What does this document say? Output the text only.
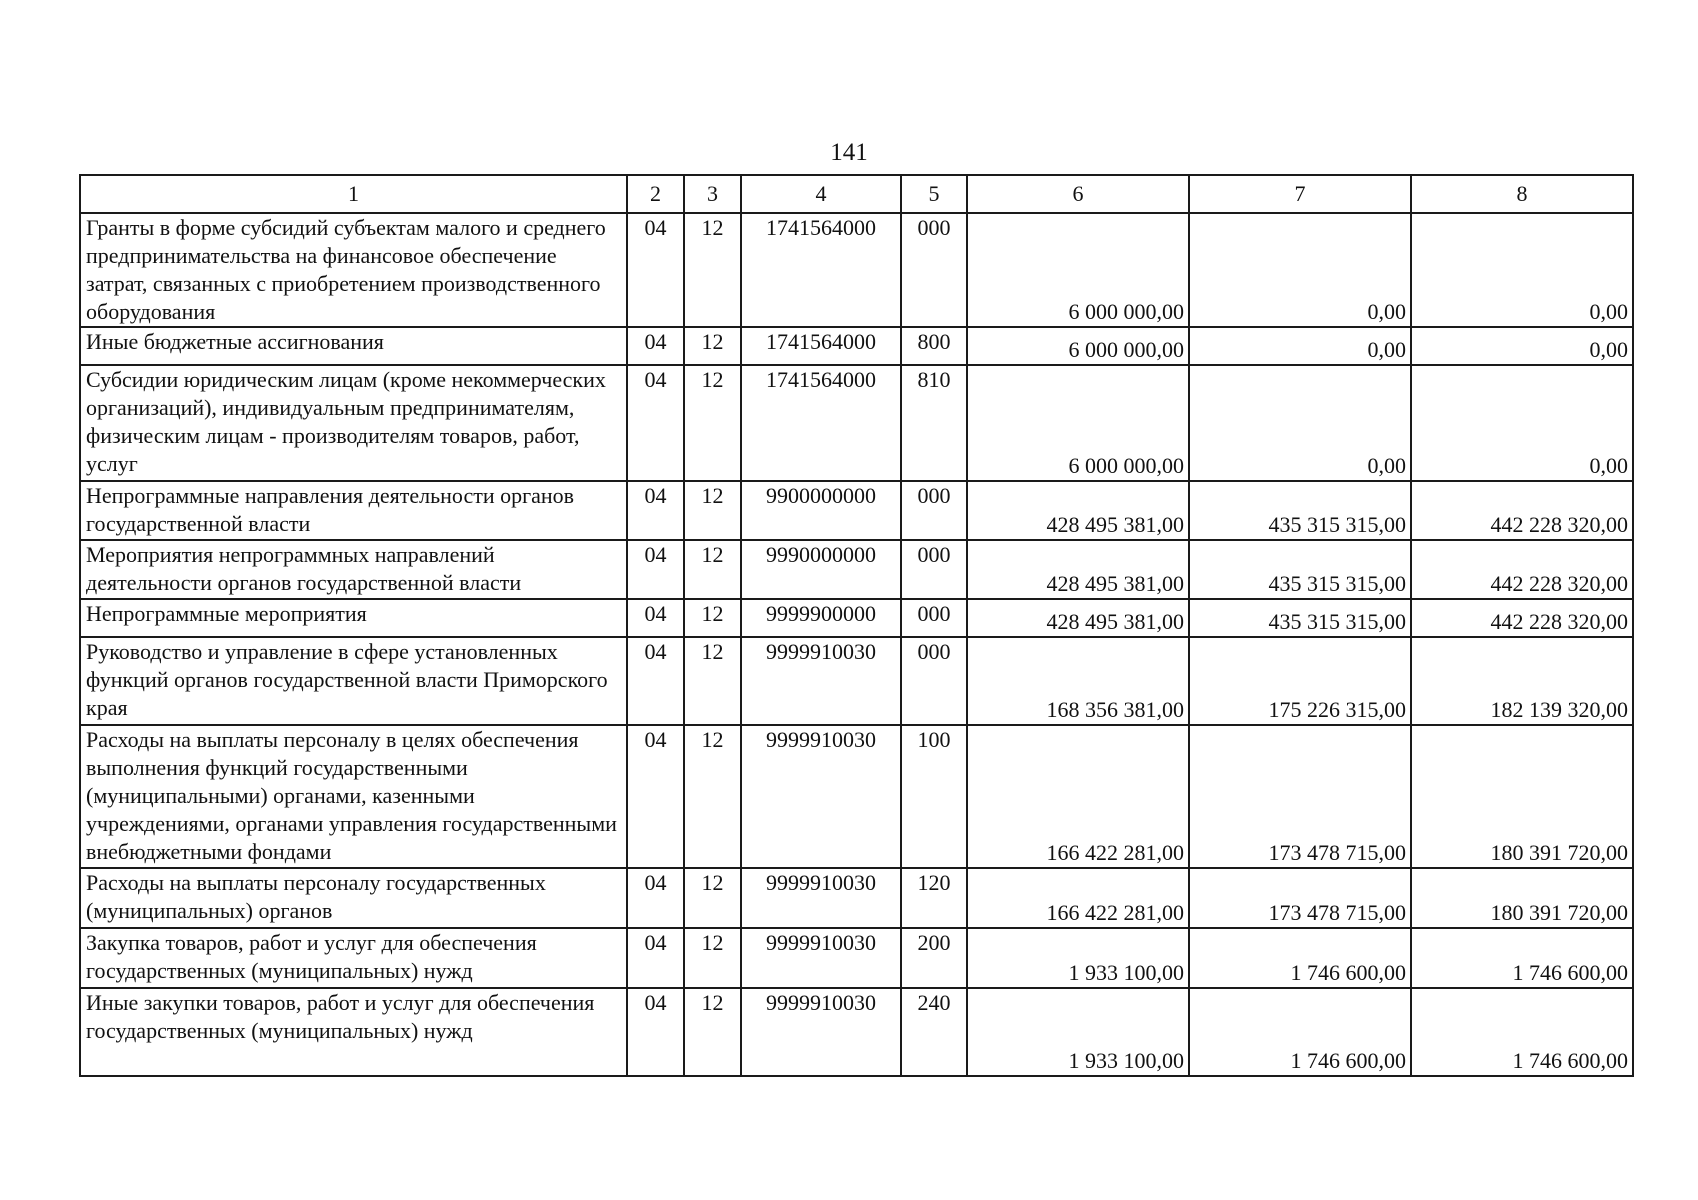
141
1	2	3	4	5	6	7	8
Гранты в форме субсидий субъектам малого и среднего предпринимательства на финансовое обеспечение затрат, связанных с приобретением производственного оборудования	04	12	1741564000	000	6 000 000,00	0,00	0,00
Иные бюджетные ассигнования	04	12	1741564000	800	6 000 000,00	0,00	0,00
Субсидии юридическим лицам (кроме некоммерческих организаций), индивидуальным предпринимателям, физическим лицам - производителям товаров, работ, услуг	04	12	1741564000	810	6 000 000,00	0,00	0,00
Непрограммные направления деятельности органов государственной власти	04	12	9900000000	000	428 495 381,00	435 315 315,00	442 228 320,00
Мероприятия непрограммных направлений деятельности органов государственной власти	04	12	9990000000	000	428 495 381,00	435 315 315,00	442 228 320,00
Непрограммные мероприятия	04	12	9999900000	000	428 495 381,00	435 315 315,00	442 228 320,00
Руководство и управление в сфере установленных функций органов государственной власти Приморского края	04	12	9999910030	000	168 356 381,00	175 226 315,00	182 139 320,00
Расходы на выплаты персоналу в целях обеспечения выполнения функций государственными (муниципальными) органами, казенными учреждениями, органами управления государственными внебюджетными фондами	04	12	9999910030	100	166 422 281,00	173 478 715,00	180 391 720,00
Расходы на выплаты персоналу государственных (муниципальных) органов	04	12	9999910030	120	166 422 281,00	173 478 715,00	180 391 720,00
Закупка товаров, работ и услуг для обеспечения государственных (муниципальных) нужд	04	12	9999910030	200	1 933 100,00	1 746 600,00	1 746 600,00
Иные закупки товаров, работ и услуг для обеспечения государственных (муниципальных) нужд	04	12	9999910030	240	1 933 100,00	1 746 600,00	1 746 600,00
